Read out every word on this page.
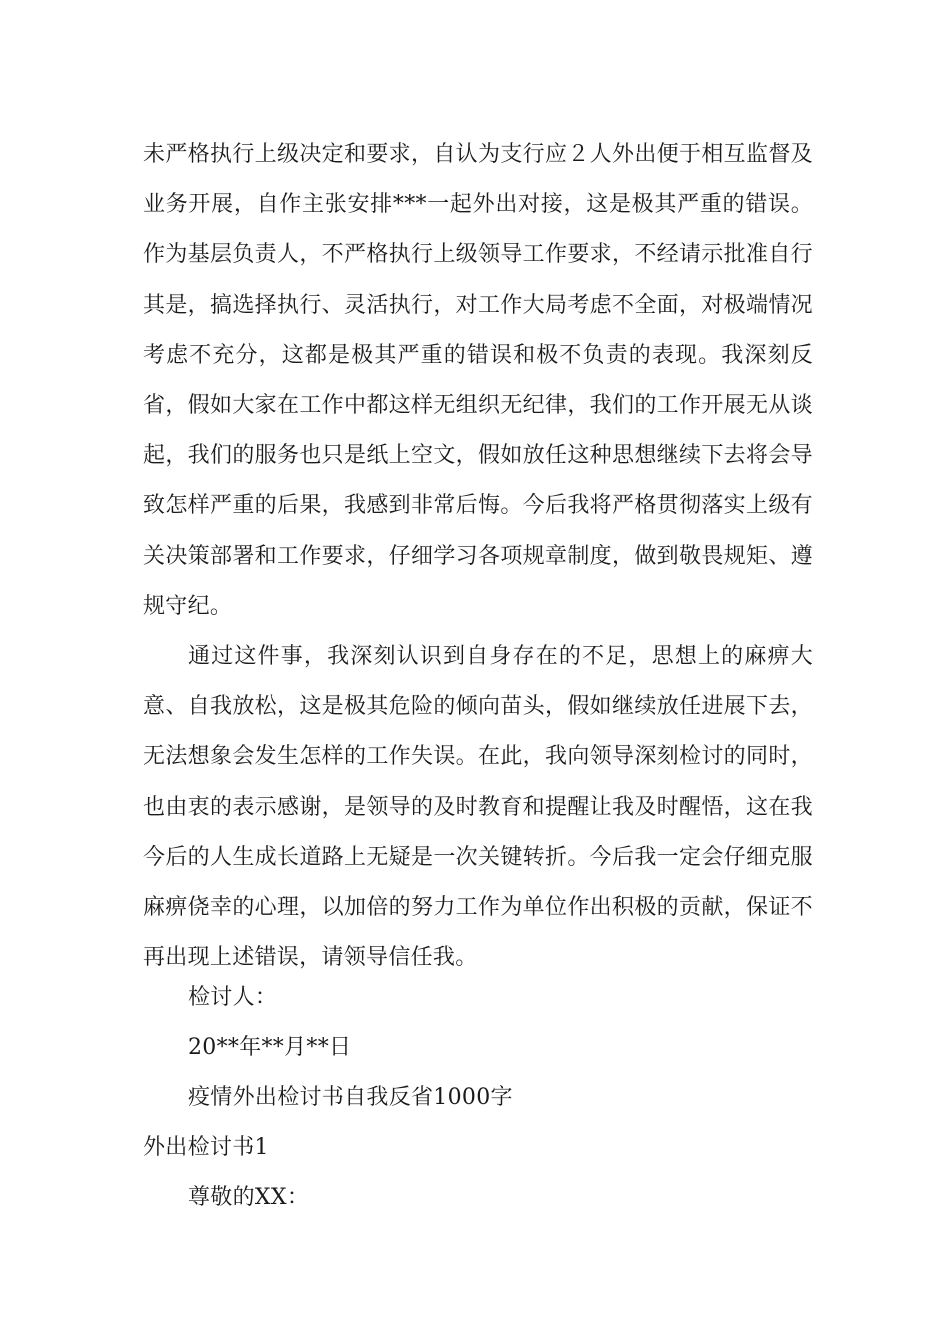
未严格执行上级决定和要求，自认为支行应２人外出便于相互监督及业务开展，自作主张安排***一起外出对接，这是极其严重的错误。作为基层负责人，不严格执行上级领导工作要求，不经请示批准自行其是，搞选择执行、灵活执行，对工作大局考虑不全面，对极端情况考虑不充分，这都是极其严重的错误和极不负责的表现。我深刻反省，假如大家在工作中都这样无组织无纪律，我们的工作开展无从谈起，我们的服务也只是纸上空文，假如放任这种思想继续下去将会导致怎样严重的后果，我感到非常后悔。今后我将严格贯彻落实上级有关决策部署和工作要求，仔细学习各项规章制度，做到敬畏规矩、遵规守纪。

通过这件事，我深刻认识到自身存在的不足，思想上的麻痹大意、自我放松，这是极其危险的倾向苗头，假如继续放任进展下去，无法想象会发生怎样的工作失误。在此，我向领导深刻检讨的同时，也由衷的表示感谢，是领导的及时教育和提醒让我及时醒悟，这在我今后的人生成长道路上无疑是一次关键转折。今后我一定会仔细克服麻痹侥幸的心理，以加倍的努力工作为单位作出积极的贡献，保证不再出现上述错误，请领导信任我。

检讨人：
20**年**月**日
疫情外出检讨书自我反省1000字
外出检讨书1
尊敬的XX：
